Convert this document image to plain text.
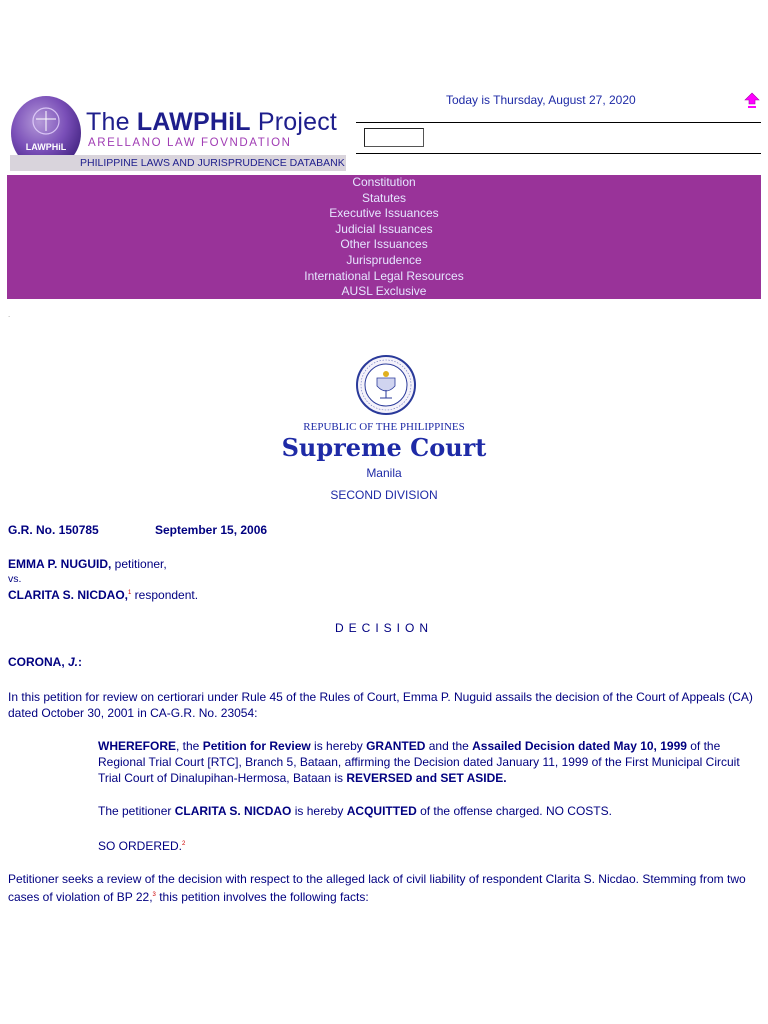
LAWPHiL
The LAWPHiL Project
ARELLANO LAW FOVNDATION
PHILIPPINE LAWS AND JURISPRUDENCE DATABANK
Today is Thursday, August 27, 2020
Constitution
Statutes
Executive Issuances
Judicial Issuances
Other Issuances
Jurisprudence
International Legal Resources
AUSL Exclusive
.
REPUBLIC OF THE PHILIPPINES
Supreme Court
Manila
SECOND DIVISION
G.R. No. 150785	September 15, 2006
EMMA P. NUGUID, petitioner,
vs.
CLARITA S. NICDAO,$^1$ respondent.
DECISION
CORONA, J.:
In this petition for review on certiorari under Rule 45 of the Rules of Court, Emma P. Nuguid assails the decision of the Court of Appeals (CA) dated October 30, 2001 in CA-G.R. No. 23054:
WHEREFORE, the Petition for Review is hereby GRANTED and the Assailed Decision dated May 10, 1999 of the Regional Trial Court [RTC], Branch 5, Bataan, affirming the Decision dated January 11, 1999 of the First Municipal Circuit Trial Court of Dinalupihan-Hermosa, Bataan is REVERSED and SET ASIDE.
The petitioner CLARITA S. NICDAO is hereby ACQUITTED of the offense charged. NO COSTS.
SO ORDERED.$^2$
Petitioner seeks a review of the decision with respect to the alleged lack of civil liability of respondent Clarita S. Nicdao. Stemming from two cases of violation of BP 22,$^3$ this petition involves the following facts:
